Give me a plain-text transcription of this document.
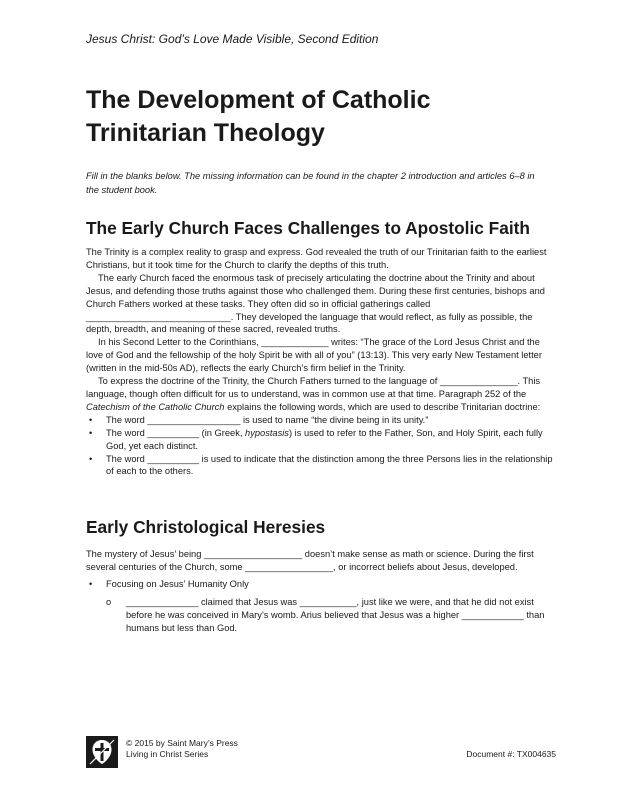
Jesus Christ: God’s Love Made Visible, Second Edition
The Development of Catholic Trinitarian Theology
Fill in the blanks below. The missing information can be found in the chapter 2 introduction and articles 6–8 in the student book.
The Early Church Faces Challenges to Apostolic Faith

The Trinity is a complex reality to grasp and express. God revealed the truth of our Trinitarian faith to the earliest Christians, but it took time for the Church to clarify the depths of this truth.

The early Church faced the enormous task of precisely articulating the doctrine about the Trinity and about Jesus, and defending those truths against those who challenged them. During these first centuries, bishops and Church Fathers worked at these tasks. They often did so in official gatherings called ____________________________. They developed the language that would reflect, as fully as possible, the depth, breadth, and meaning of these sacred, revealed truths.

In his Second Letter to the Corinthians, _____________ writes: “The grace of the Lord Jesus Christ and the love of God and the fellowship of the holy Spirit be with all of you” (13:13). This very early New Testament letter (written in the mid-50s AD), reflects the early Church’s firm belief in the Trinity.

To express the doctrine of the Trinity, the Church Fathers turned to the language of _______________. This language, though often difficult for us to understand, was in common use at that time. Paragraph 252 of the Catechism of the Catholic Church explains the following words, which are used to describe Trinitarian doctrine:

• The word __________________ is used to name “the divine being in its unity.”
• The word __________ (in Greek, hypostasis) is used to refer to the Father, Son, and Holy Spirit, each fully God, yet each distinct.
• The word __________ is used to indicate that the distinction among the three Persons lies in the relationship of each to the others.
Early Christological Heresies

The mystery of Jesus’ being ___________________ doesn’t make sense as math or science. During the first several centuries of the Church, some _________________, or incorrect beliefs about Jesus, developed.

• Focusing on Jesus’ Humanity Only
o ______________ claimed that Jesus was ___________, just like we were, and that he did not exist before he was conceived in Mary’s womb. Arius believed that Jesus was a higher ____________ than humans but less than God.
© 2015 by Saint Mary’s Press
Living in Christ Series	Document #: TX004635
